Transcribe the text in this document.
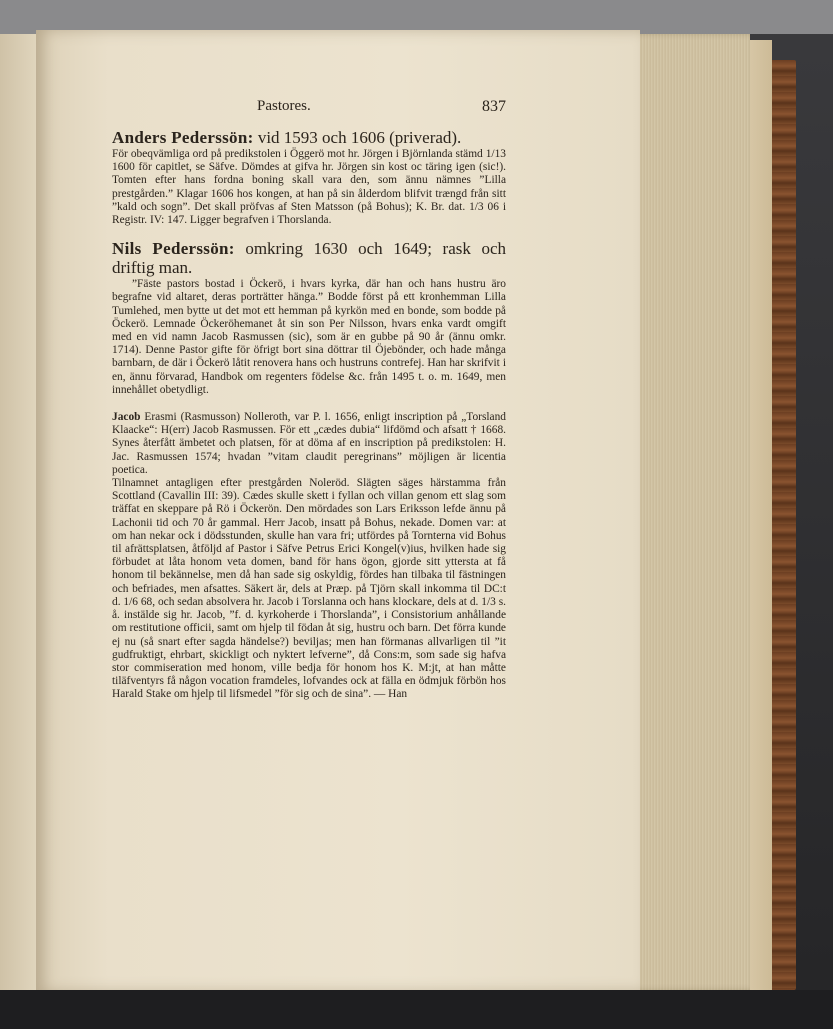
Pastores.	837
Anders Pederssön: vid 1593 och 1606 (priverad).

För obeqvämliga ord på predikstolen i Öggerö mot hr. Jörgen i Björnlanda stämd 1/13 1600 för capitlet, se Säfve. Dömdes at gifva hr. Jörgen sin kost oc täring igen (sic!). Tomten efter hans fordna boning skall vara den, som ännu nämnes ”Lilla prestgården.” Klagar 1606 hos kongen, at han på sin ålderdom blifvit trængd från sitt ”kald och sogn”. Det skall pröfvas af Sten Matsson (på Bohus); K. Br. dat. 1/3 06 i Registr. IV: 147. Ligger begrafven i Thorslanda.

Nils Pederssön: omkring 1630 och 1649; rask och driftig man.

”Fäste pastors bostad i Öckerö, i hvars kyrka, där han och hans hustru äro begrafne vid altaret, deras porträtter hänga.” Bodde först på ett kronhemman Lilla Tumlehed, men bytte ut det mot ett hemman på kyrkön med en bonde, som bodde på Öckerö. Lemnade Öckeröhemanet åt sin son Per Nilsson, hvars enka vardt omgift med en vid namn Jacob Rasmussen (sic), som är en gubbe på 90 år (ännu omkr. 1714). Denne Pastor gifte för öfrigt bort sina döttrar til Öjebönder, och hade många barnbarn, de där i Öckerö låtit renovera hans och hustruns contrefej. Han har skrifvit i en, ännu förvarad, Handbok om regenters födelse &c. från 1495 t. o. m. 1649, men innehållet obetydligt.

Jacob Erasmi (Rasmusson) Nolleroth, var P. l. 1656, enligt inscription på „Torsland Klaacke“: H(err) Jacob Rasmussen. För ett „cædes dubia“ lifdömd och afsatt † 1668. Synes återfått ämbetet och platsen, för at döma af en inscription på predikstolen: H. Jac. Rasmussen 1574; hvadan ”vitam claudit peregrinans” möjligen är licentia poetica.

Tilnamnet antagligen efter prestgården Noleröd. Slägten säges härstamma från Scottland (Cavallin III: 39). Cædes skulle skett i fyllan och villan genom ett slag som träffat en skeppare på Rö i Öckerön. Den mördades son Lars Eriksson lefde ännu på Lachonii tid och 70 år gammal. Herr Jacob, insatt på Bohus, nekade. Domen var: at om han nekar ock i dödsstunden, skulle han vara fri; utfördes på Tornterna vid Bohus til afrättsplatsen, åtföljd af Pastor i Säfve Petrus Erici Kongel(v)ius, hvilken hade sig förbudet at låta honom veta domen, band för hans ögon, gjorde sitt yttersta at få honom til bekännelse, men då han sade sig oskyldig, fördes han tilbaka til fästningen och befriades, men afsattes. Säkert är, dels at Præp. på Tjörn skall inkomma til DC:t d. 1/6 68, och sedan absolvera hr. Jacob i Torslanna och hans klockare, dels at d. 1/3 s. å. instälde sig hr. Jacob, ”f. d. kyrkoherde i Thorslanda”, i Consistorium anhållande om restitutione officii, samt om hjelp til födan åt sig, hustru och barn. Det förra kunde ej nu (så snart efter sagda händelse?) beviljas; men han förmanas allvarligen til ”it gudfruktigt, ehrbart, skickligt och nyktert lefverne”, då Cons:m, som sade sig hafva stor commiseration med honom, ville bedja för honom hos K. M:jt, at han måtte tiläfventyrs få någon vocation framdeles, lofvandes ock at fälla en ödmjuk förbön hos Harald Stake om hjelp til lifsmedel ”för sig och de sina”. — Han
